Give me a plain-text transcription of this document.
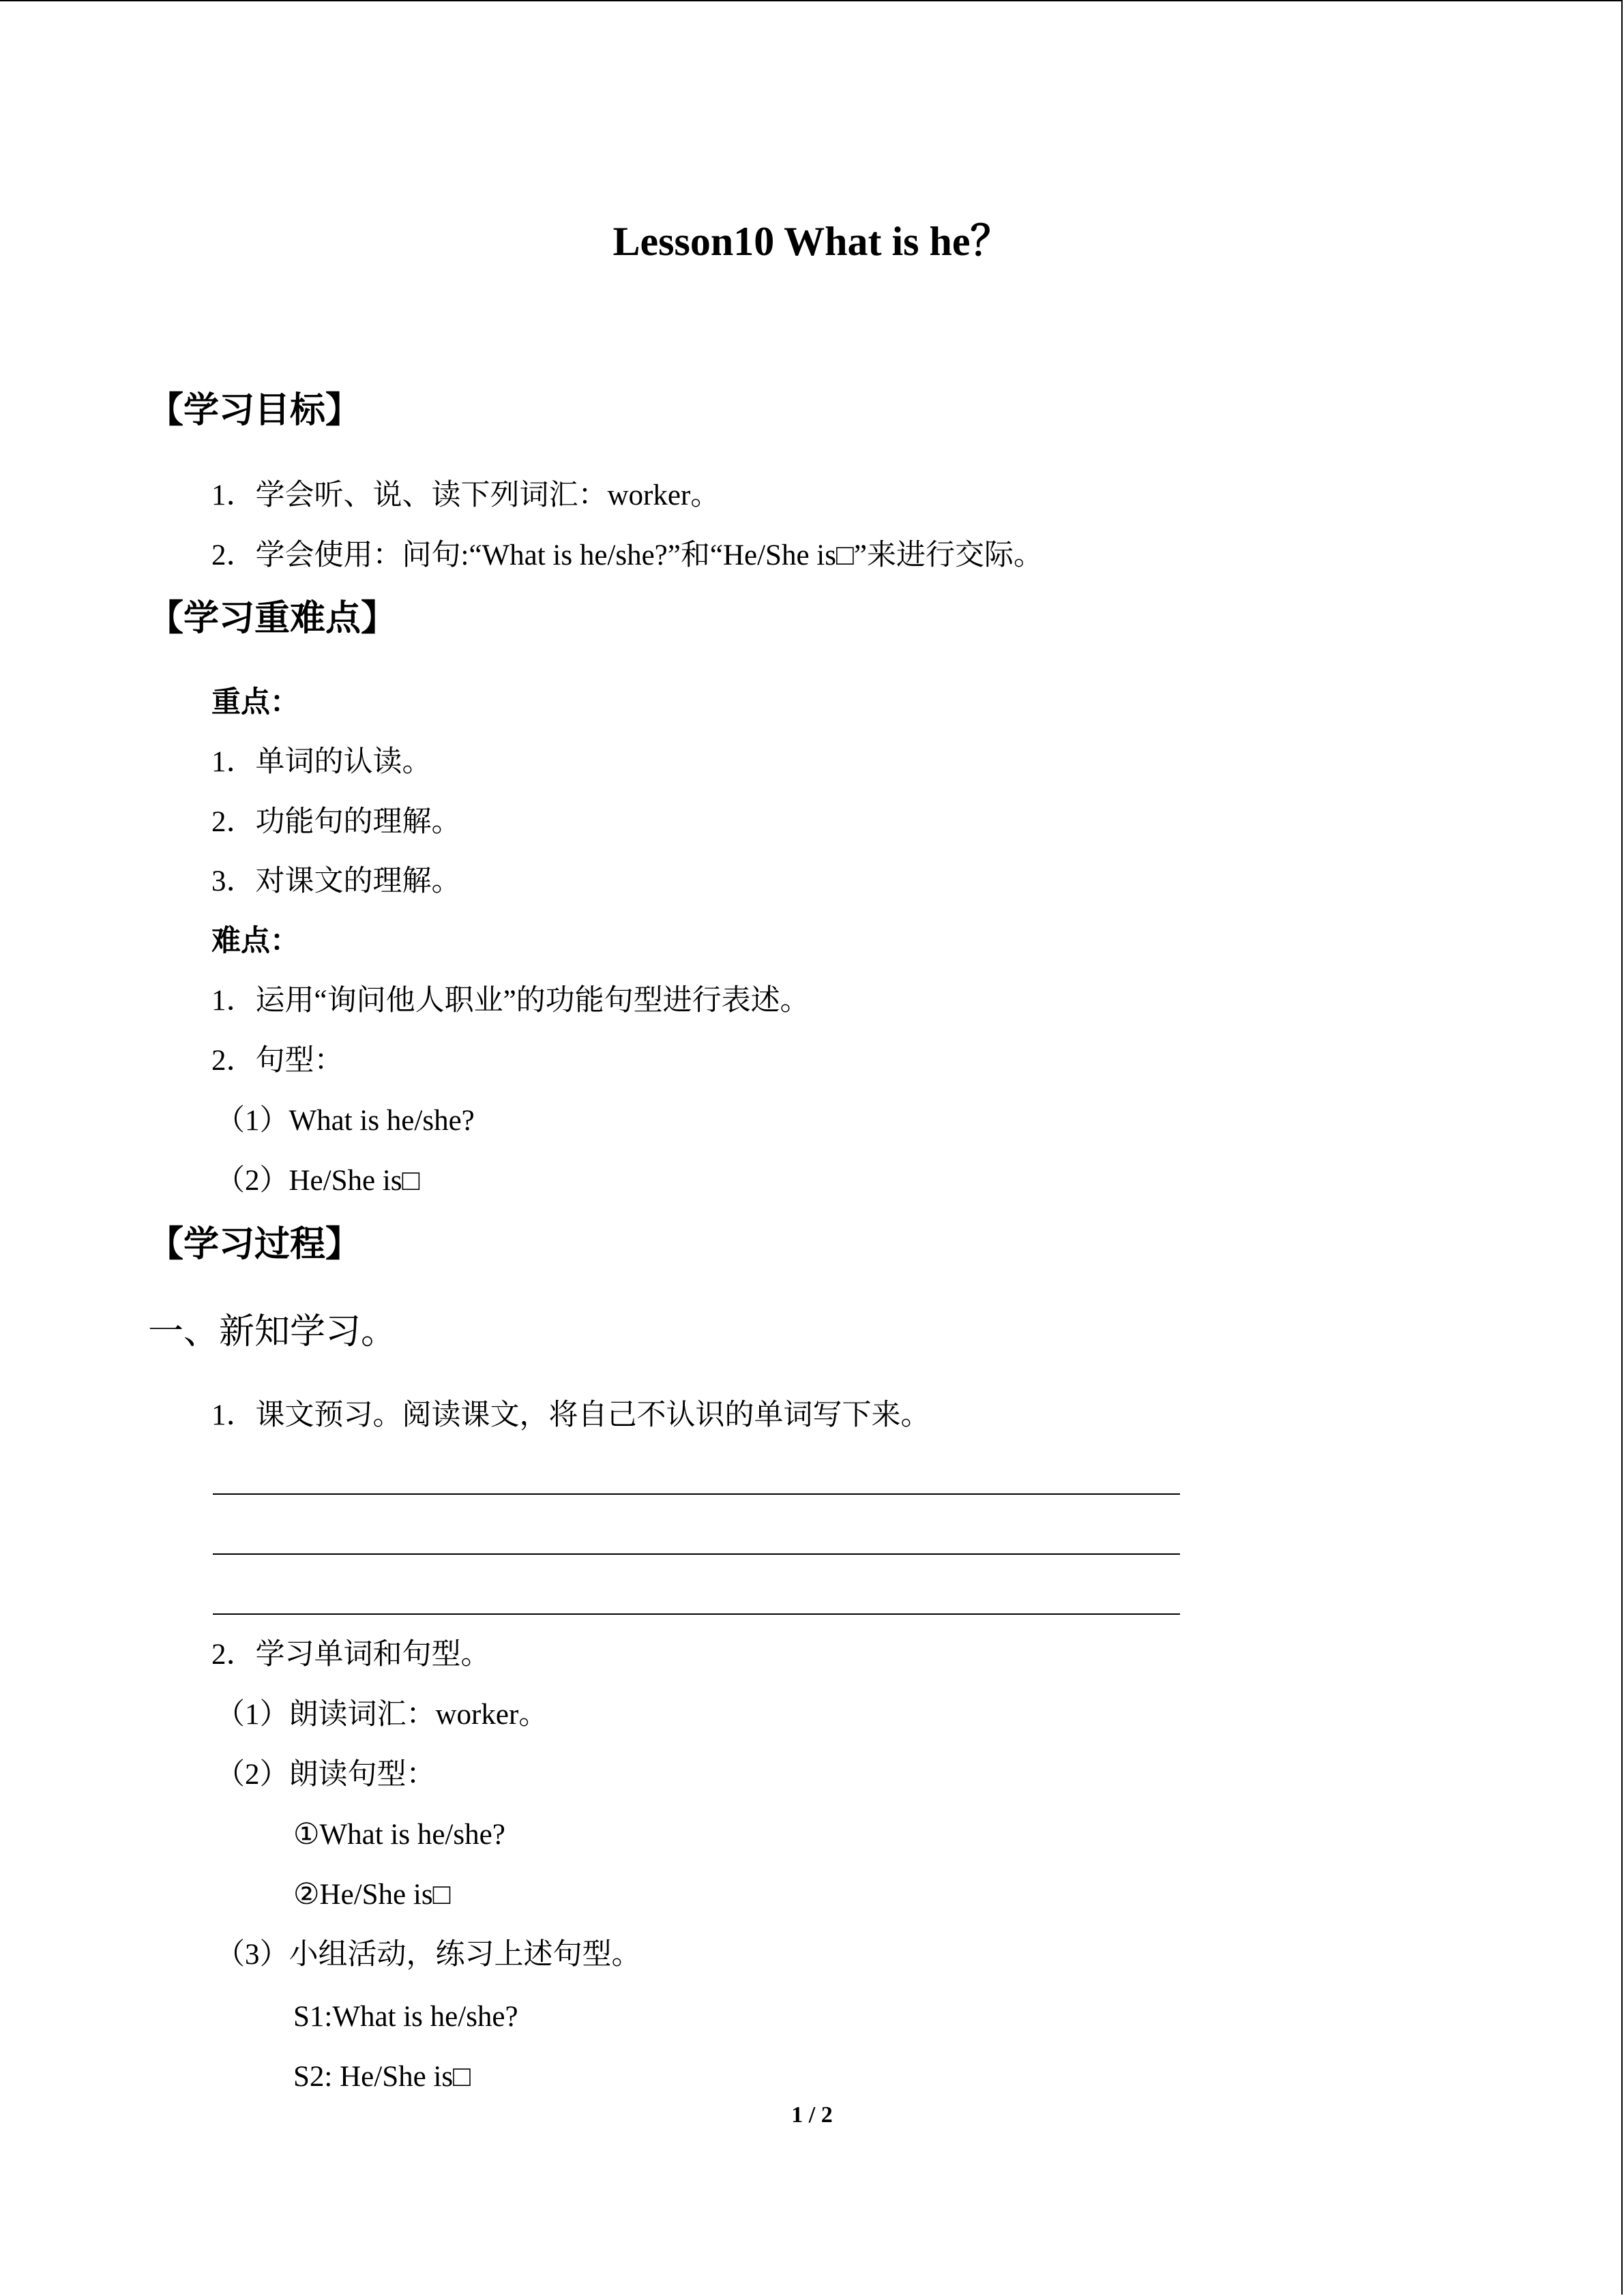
Lesson10 What is he？
【学习目标】
1．学会听、说、读下列词汇：worker。
2．学会使用：问句:“What is he/she?”和“He/She is□”来进行交际。
【学习重难点】
重点：
1．单词的认读。
2．功能句的理解。
3．对课文的理解。
难点：
1．运用“询问他人职业”的功能句型进行表述。
2．句型：
（1）What is he/she?
（2）He/She is□
【学习过程】
一、新知学习。
1．课文预习。阅读课文，将自己不认识的单词写下来。
2．学习单词和句型。
（1）朗读词汇：worker。
（2）朗读句型：
①What is he/she?
②He/She is□
（3）小组活动，练习上述句型。
S1:What is he/she?
S2: He/She is□
1 / 2
